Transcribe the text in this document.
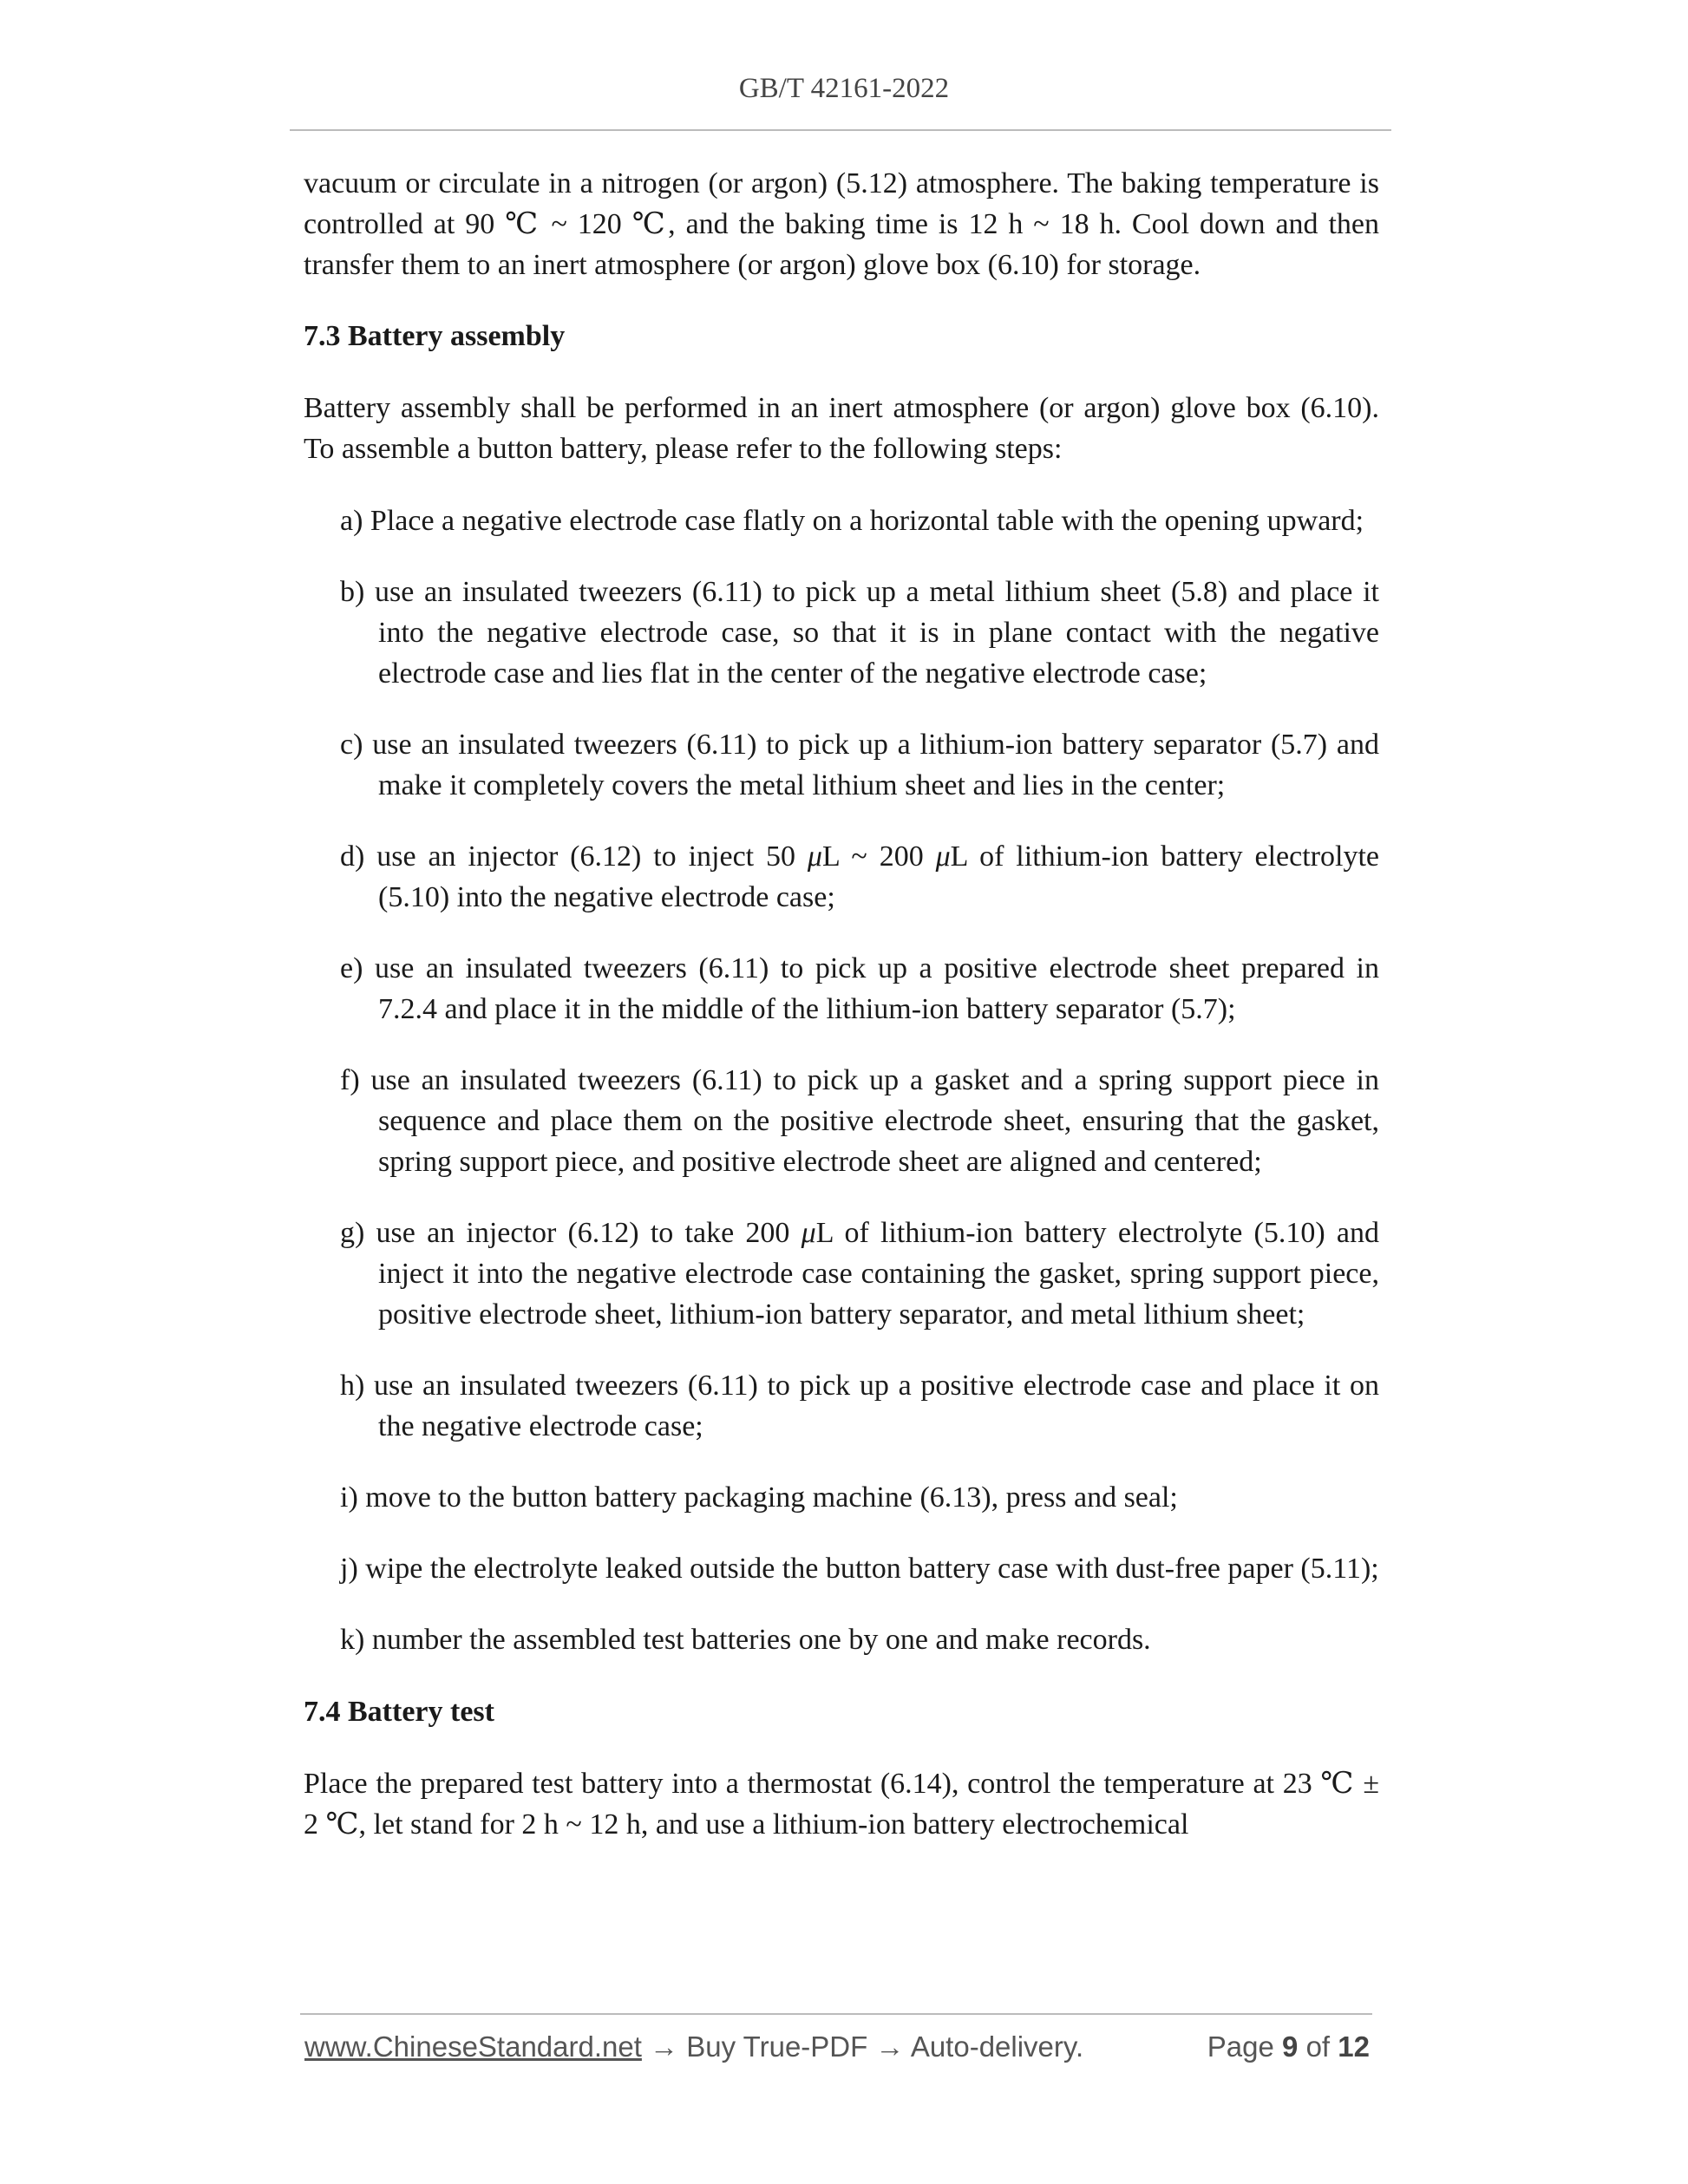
GB/T 42161-2022

vacuum or circulate in a nitrogen (or argon) (5.12) atmosphere. The baking temperature is controlled at 90 ℃ ~ 120 ℃, and the baking time is 12 h ~ 18 h. Cool down and then transfer them to an inert atmosphere (or argon) glove box (6.10) for storage.

7.3 Battery assembly

Battery assembly shall be performed in an inert atmosphere (or argon) glove box (6.10). To assemble a button battery, please refer to the following steps:

a) Place a negative electrode case flatly on a horizontal table with the opening upward;
b) use an insulated tweezers (6.11) to pick up a metal lithium sheet (5.8) and place it into the negative electrode case, so that it is in plane contact with the negative electrode case and lies flat in the center of the negative electrode case;
c) use an insulated tweezers (6.11) to pick up a lithium-ion battery separator (5.7) and make it completely covers the metal lithium sheet and lies in the center;
d) use an injector (6.12) to inject 50 μL ~ 200 μL of lithium-ion battery electrolyte (5.10) into the negative electrode case;
e) use an insulated tweezers (6.11) to pick up a positive electrode sheet prepared in 7.2.4 and place it in the middle of the lithium-ion battery separator (5.7);
f) use an insulated tweezers (6.11) to pick up a gasket and a spring support piece in sequence and place them on the positive electrode sheet, ensuring that the gasket, spring support piece, and positive electrode sheet are aligned and centered;
g) use an injector (6.12) to take 200 μL of lithium-ion battery electrolyte (5.10) and inject it into the negative electrode case containing the gasket, spring support piece, positive electrode sheet, lithium-ion battery separator, and metal lithium sheet;
h) use an insulated tweezers (6.11) to pick up a positive electrode case and place it on the negative electrode case;
i) move to the button battery packaging machine (6.13), press and seal;
j) wipe the electrolyte leaked outside the button battery case with dust-free paper (5.11);
k) number the assembled test batteries one by one and make records.

7.4 Battery test

Place the prepared test battery into a thermostat (6.14), control the temperature at 23 ℃ ± 2 ℃, let stand for 2 h ~ 12 h, and use a lithium-ion battery electrochemical

www.ChineseStandard.net → Buy True-PDF → Auto-delivery.	Page 9 of 12
